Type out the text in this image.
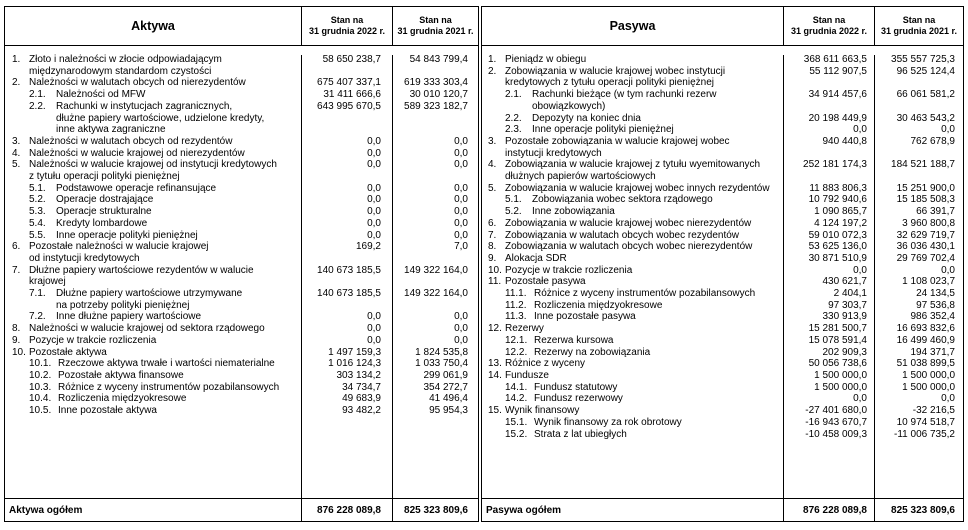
Aktywa	Stan na
31 grudnia 2022 r.
Stan na
31 grudnia 2021 r.
1. Złoto i należności w złocie odpowiadającym
międzynarodowym standardom czystości
58 650 238,7	54 843 799,4
2. Należności w walutach obcych od nierezydentów	675 407 337,1	619 333 303,4
2.1.	Należności od MFW	31 411 666,6	30 010 120,7
2.2.	Rachunki w instytucjach zagranicznych,
dłużne papiery wartościowe, udzielone kredyty,
inne aktywa zagraniczne
643 995 670,5	589 323 182,7
3. Należności w walutach obcych od rezydentów	0,0	0,0
4. Należności w walucie krajowej od nierezydentów	0,0	0,0
5. Należności w walucie krajowej od instytucji kredytowych
z tytułu operacji polityki pieniężnej
0,0	0,0
5.1.	Podstawowe operacje refinansujące	0,0	0,0
5.2.	Operacje dostrajające	0,0	0,0
5.3.	Operacje strukturalne	0,0	0,0
5.4.	Kredyty lombardowe	0,0	0,0
5.5.	Inne operacje polityki pieniężnej	0,0	0,0
6. Pozostałe należności w walucie krajowej
od instytucji kredytowych
169,2	7,0
7. Dłużne papiery wartościowe rezydentów w walucie
krajowej
140 673 185,5	149 322 164,0
7.1.	Dłużne papiery wartościowe utrzymywane
na potrzeby polityki pieniężnej
140 673 185,5	149 322 164,0
7.2.	Inne dłużne papiery wartościowe	0,0	0,0
8. Należności w walucie krajowej od sektora rządowego	0,0	0,0
9. Pozycje w trakcie rozliczenia	0,0	0,0
10. Pozostałe aktywa	1 497 159,3	1 824 535,8
10.1. Rzeczowe aktywa trwałe i wartości niematerialne	1 016 124,3	1 033 750,4
10.2. Pozostałe aktywa finansowe	303 134,2	299 061,9
10.3. Różnice z wyceny instrumentów pozabilansowych	34 734,7	354 272,7
10.4. Rozliczenia międzyokresowe	49 683,9	41 496,4
10.5. Inne pozostałe aktywa	93 482,2	95 954,3
Aktywa ogółem	876 228 089,8	825 323 809,6
Pasywa	Stan na
31 grudnia 2022 r.
Stan na
31 grudnia 2021 r.
1. Pieniądz w obiegu	368 611 663,5	355 557 725,3
2. Zobowiązania w walucie krajowej wobec instytucji
kredytowych z tytułu operacji polityki pieniężnej
55 112 907,5	96 525 124,4
2.1.	Rachunki bieżące (w tym rachunki rezerw
obowiązkowych)
34 914 457,6	66 061 581,2
2.2.	Depozyty na koniec dnia	20 198 449,9	30 463 543,2
2.3.	Inne operacje polityki pieniężnej	0,0	0,0
3. Pozostałe zobowiązania w walucie krajowej wobec
instytucji kredytowych
940 440,8	762 678,9
4. Zobowiązania w walucie krajowej z tytułu wyemitowanych
dłużnych papierów wartościowych
252 181 174,3	184 521 188,7
5. Zobowiązania w walucie krajowej wobec innych rezydentów	11 883 806,3	15 251 900,0
5.1.	Zobowiązania wobec sektora rządowego	10 792 940,6	15 185 508,3
5.2.	Inne zobowiązania	1 090 865,7	66 391,7
6. Zobowiązania w walucie krajowej wobec nierezydentów	4 124 197,2	3 960 800,8
7. Zobowiązania w walutach obcych wobec rezydentów	59 010 072,3	32 629 719,7
8. Zobowiązania w walutach obcych wobec nierezydentów	53 625 136,0	36 036 430,1
9. Alokacja SDR	30 871 510,9	29 769 702,4
10. Pozycje w trakcie rozliczenia	0,0	0,0
11. Pozostałe pasywa	430 621,7	1 108 023,7
11.1. Różnice z wyceny instrumentów pozabilansowych	2 404,1	24 134,5
11.2. Rozliczenia międzyokresowe	97 303,7	97 536,8
11.3. Inne pozostałe pasywa	330 913,9	986 352,4
12. Rezerwy	15 281 500,7	16 693 832,6
12.1. Rezerwa kursowa	15 078 591,4	16 499 460,9
12.2. Rezerwy na zobowiązania	202 909,3	194 371,7
13. Różnice z wyceny	50 056 738,6	51 038 899,5
14. Fundusze	1 500 000,0	1 500 000,0
14.1. Fundusz statutowy	1 500 000,0	1 500 000,0
14.2. Fundusz rezerwowy	0,0	0,0
15. Wynik finansowy	-27 401 680,0	-32 216,5
15.1. Wynik finansowy za rok obrotowy	-16 943 670,7	10 974 518,7
15.2. Strata z lat ubiegłych	-10 458 009,3	-11 006 735,2
Pasywa ogółem	876 228 089,8	825 323 809,6
